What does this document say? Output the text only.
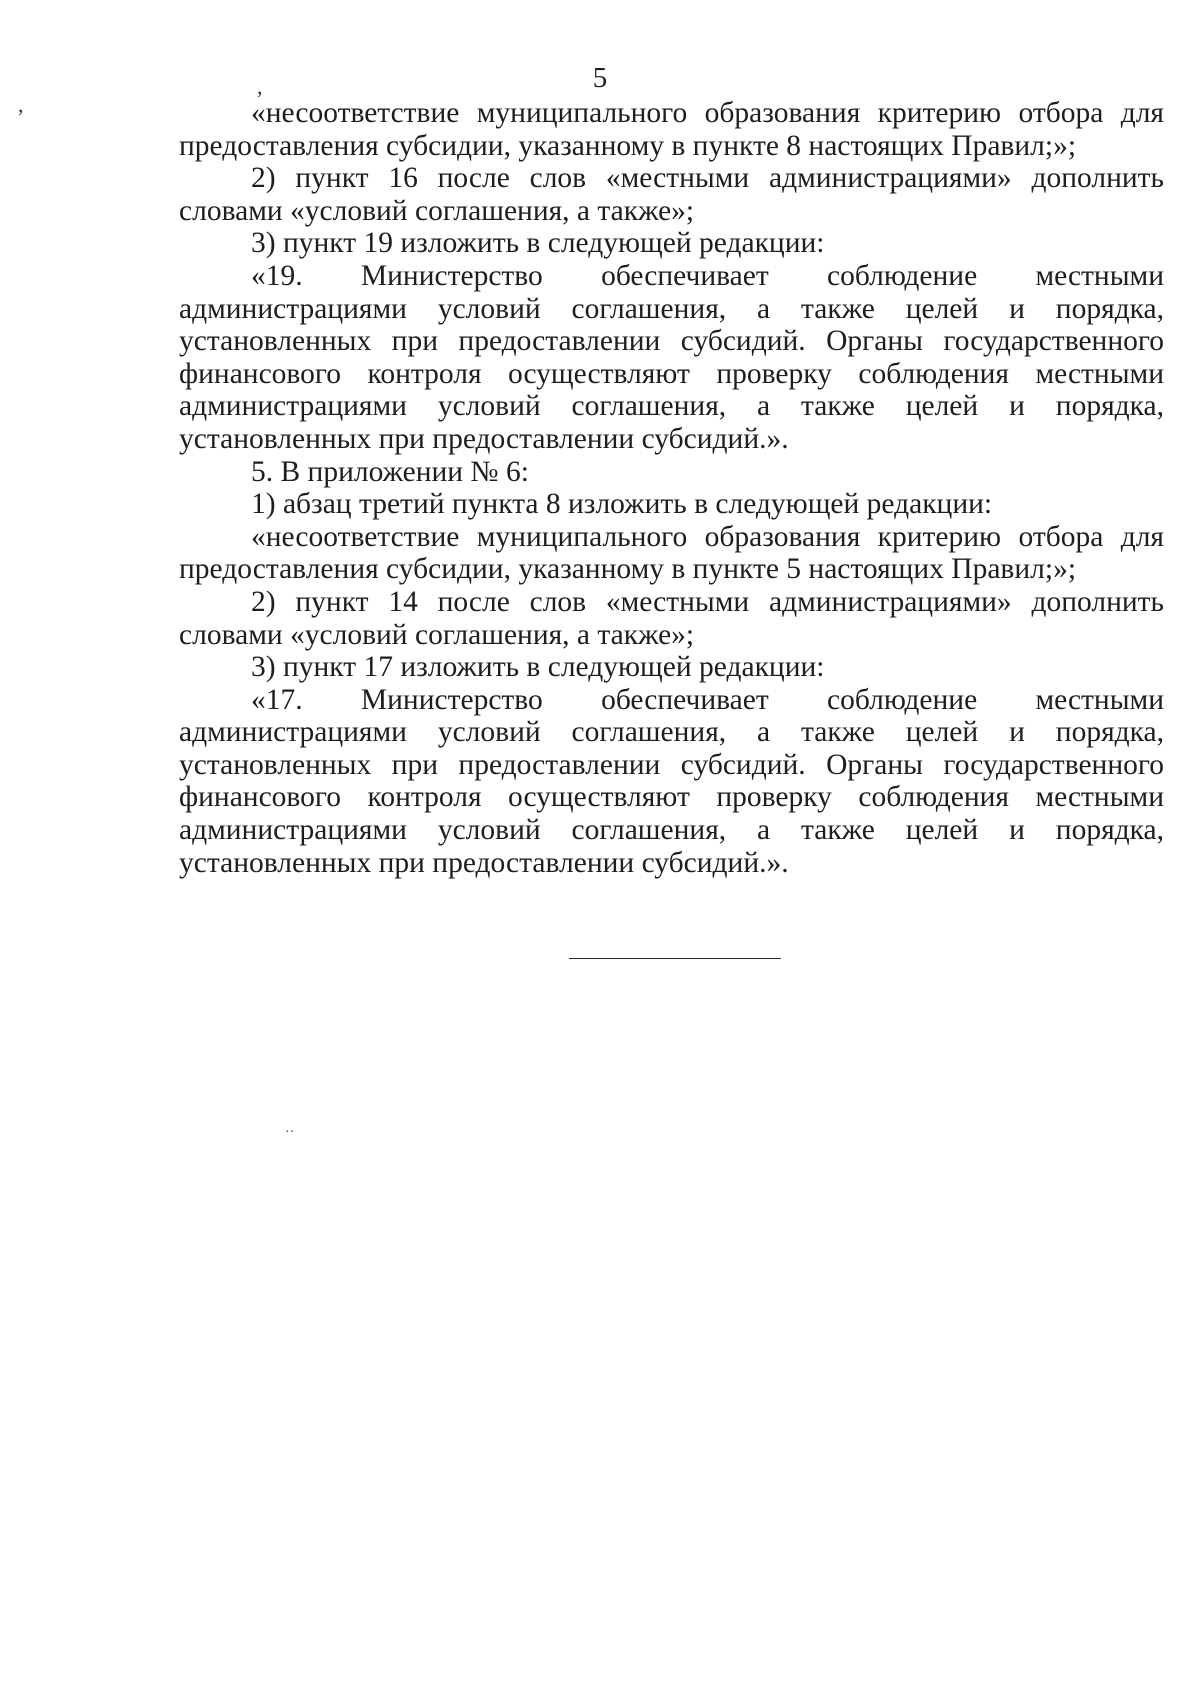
5
,
,
··

«несоответствие муниципального образования критерию отбора для предоставления субсидии, указанному в пункте 8 настоящих Правил;»;

2) пункт 16 после слов «местными администрациями» дополнить словами «условий соглашения, а также»;

3) пункт 19 изложить в следующей редакции:

«19. Министерство обеспечивает соблюдение местными администрациями условий соглашения, а также целей и порядка, установленных при предоставлении субсидий. Органы государственного финансового контроля осуществляют проверку соблюдения местными администрациями условий соглашения, а также целей и порядка, установленных при предоставлении субсидий.».

5. В приложении № 6:

1) абзац третий пункта 8 изложить в следующей редакции:

«несоответствие муниципального образования критерию отбора для предоставления субсидии, указанному в пункте 5 настоящих Правил;»;

2) пункт 14 после слов «местными администрациями» дополнить словами «условий соглашения, а также»;

3) пункт 17 изложить в следующей редакции:

«17. Министерство обеспечивает соблюдение местными администрациями условий соглашения, а также целей и порядка, установленных при предоставлении субсидий. Органы государственного финансового контроля осуществляют проверку соблюдения местными администрациями условий соглашения, а также целей и порядка, установленных при предоставлении субсидий.».
